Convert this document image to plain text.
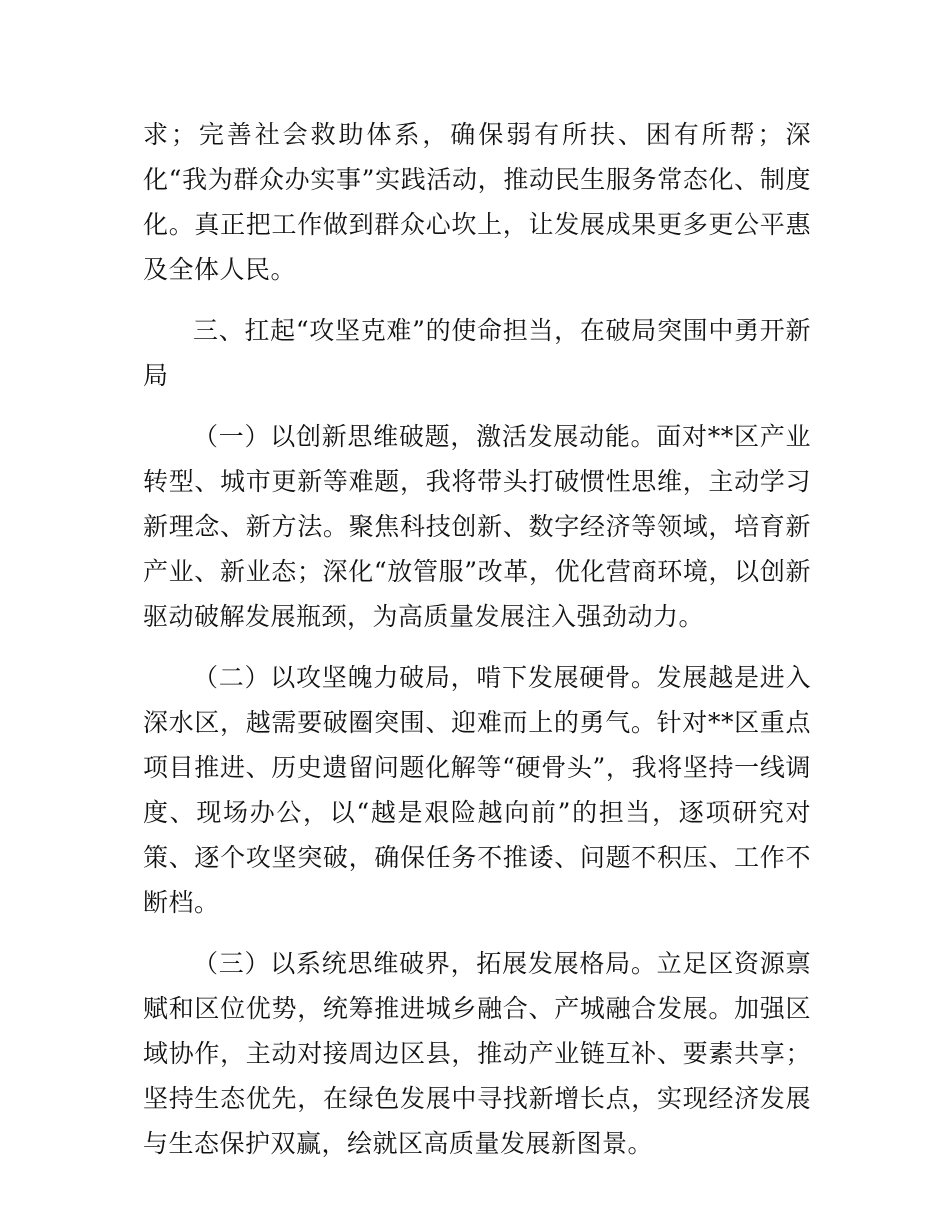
求；完善社会救助体系，确保弱有所扶、困有所帮；深化“我为群众办实事”实践活动，推动民生服务常态化、制度化。真正把工作做到群众心坎上，让发展成果更多更公平惠及全体人民。

三、扛起“攻坚克难”的使命担当，在破局突围中勇开新局

（一）以创新思维破题，激活发展动能。面对**区产业转型、城市更新等难题，我将带头打破惯性思维，主动学习新理念、新方法。聚焦科技创新、数字经济等领域，培育新产业、新业态；深化“放管服”改革，优化营商环境，以创新驱动破解发展瓶颈，为高质量发展注入强劲动力。

（二）以攻坚魄力破局，啃下发展硬骨。发展越是进入深水区，越需要破圈突围、迎难而上的勇气。针对**区重点项目推进、历史遗留问题化解等“硬骨头”，我将坚持一线调度、现场办公，以“越是艰险越向前”的担当，逐项研究对策、逐个攻坚突破，确保任务不推诿、问题不积压、工作不断档。

（三）以系统思维破界，拓展发展格局。立足区资源禀赋和区位优势，统筹推进城乡融合、产城融合发展。加强区域协作，主动对接周边区县，推动产业链互补、要素共享；坚持生态优先，在绿色发展中寻找新增长点，实现经济发展与生态保护双赢，绘就区高质量发展新图景。
